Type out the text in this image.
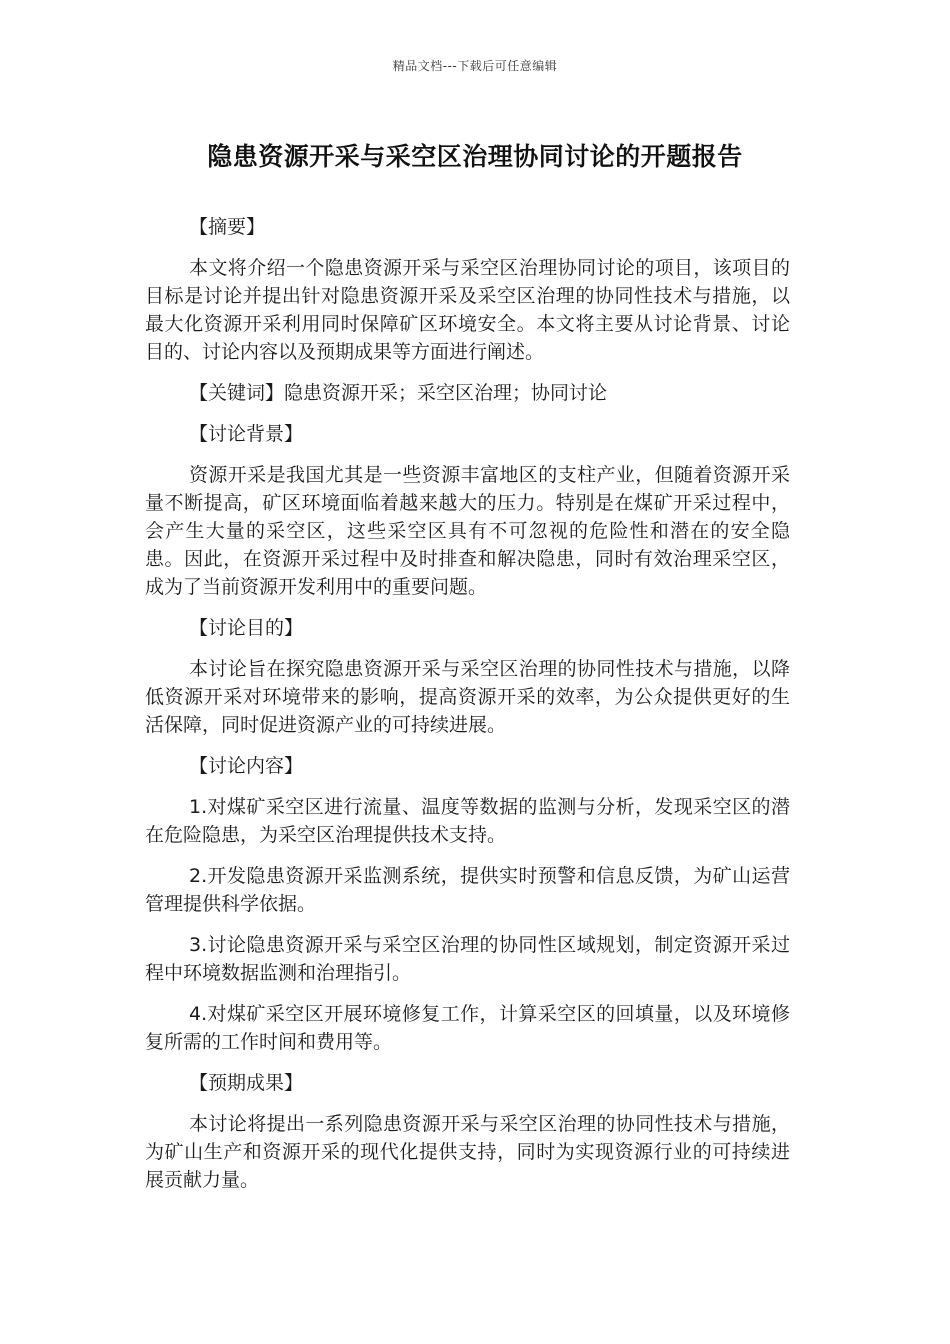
精品文档---下载后可任意编辑
隐患资源开采与采空区治理协同讨论的开题报告
【摘要】

本文将介绍一个隐患资源开采与采空区治理协同讨论的项目，该项目的目标是讨论并提出针对隐患资源开采及采空区治理的协同性技术与措施，以最大化资源开采利用同时保障矿区环境安全。本文将主要从讨论背景、讨论目的、讨论内容以及预期成果等方面进行阐述。

【关键词】隐患资源开采；采空区治理；协同讨论
【讨论背景】

资源开采是我国尤其是一些资源丰富地区的支柱产业，但随着资源开采量不断提高，矿区环境面临着越来越大的压力。特别是在煤矿开采过程中，会产生大量的采空区，这些采空区具有不可忽视的危险性和潜在的安全隐患。因此，在资源开采过程中及时排查和解决隐患，同时有效治理采空区，成为了当前资源开发利用中的重要问题。

【讨论目的】

本讨论旨在探究隐患资源开采与采空区治理的协同性技术与措施，以降低资源开采对环境带来的影响，提高资源开采的效率，为公众提供更好的生活保障，同时促进资源产业的可持续进展。

【讨论内容】

1.对煤矿采空区进行流量、温度等数据的监测与分析，发现采空区的潜在危险隐患，为采空区治理提供技术支持。

2.开发隐患资源开采监测系统，提供实时预警和信息反馈，为矿山运营管理提供科学依据。

3.讨论隐患资源开采与采空区治理的协同性区域规划，制定资源开采过程中环境数据监测和治理指引。

4.对煤矿采空区开展环境修复工作，计算采空区的回填量，以及环境修复所需的工作时间和费用等。

【预期成果】

本讨论将提出一系列隐患资源开采与采空区治理的协同性技术与措施，为矿山生产和资源开采的现代化提供支持，同时为实现资源行业的可持续进展贡献力量。
